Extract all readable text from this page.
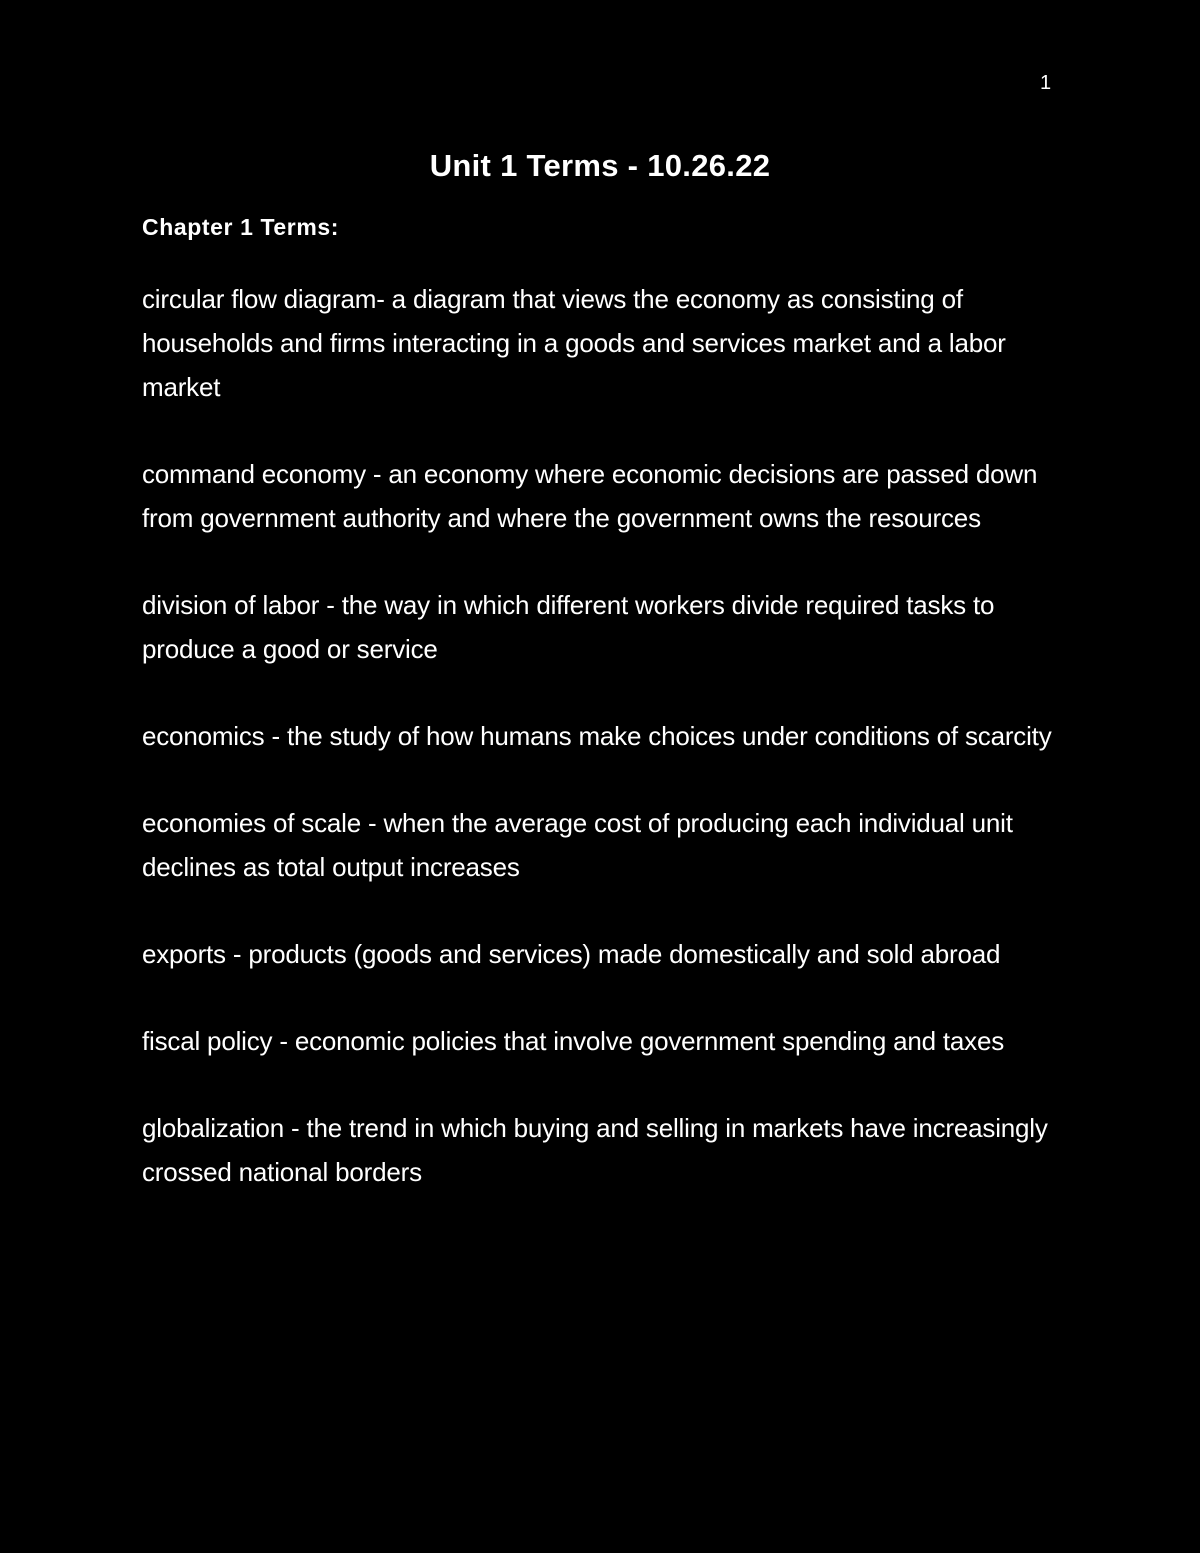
1
Unit 1 Terms - 10.26.22
Chapter 1 Terms:

circular flow diagram- a diagram that views the economy as consisting of households and firms interacting in a goods and services market and a labor market

command economy - an economy where economic decisions are passed down from government authority and where the government owns the resources

division of labor - the way in which different workers divide required tasks to produce a good or service

economics - the study of how humans make choices under conditions of scarcity

economies of scale - when the average cost of producing each individual unit declines as total output increases

exports - products (goods and services) made domestically and sold abroad

fiscal policy - economic policies that involve government spending and taxes

globalization - the trend in which buying and selling in markets have increasingly crossed national borders
